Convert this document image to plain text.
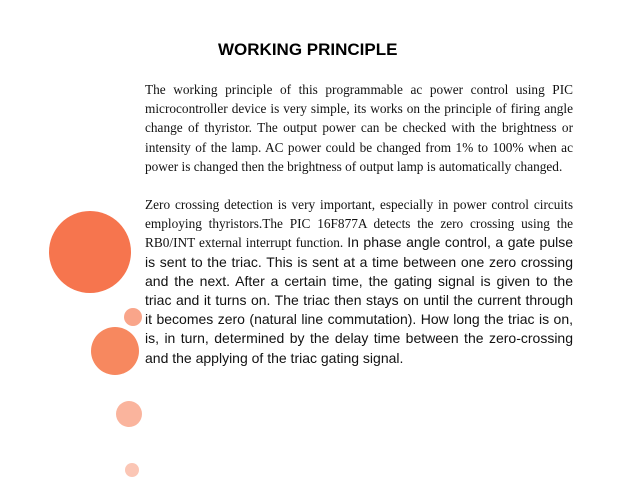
WORKING PRINCIPLE

The working principle of this programmable ac power control using PIC microcontroller device is very simple, its works on the principle of firing angle change of thyristor. The output power can be checked with the brightness or intensity of the lamp. AC power could be changed from 1% to 100% when ac power is changed then the brightness of output lamp is automatically changed.

Zero crossing detection is very important, especially in power control circuits employing thyristors.The PIC 16F877A detects the zero crossing using the RB0/INT external interrupt function. In phase angle control, a gate pulse is sent to the triac. This is sent at a time between one zero crossing and the next. After a certain time, the gating signal is given to the triac and it turns on. The triac then stays on until the current through it becomes zero (natural line commutation). How long the triac is on, is, in turn, determined by the delay time between the zero-crossing and the applying of the triac gating signal.
